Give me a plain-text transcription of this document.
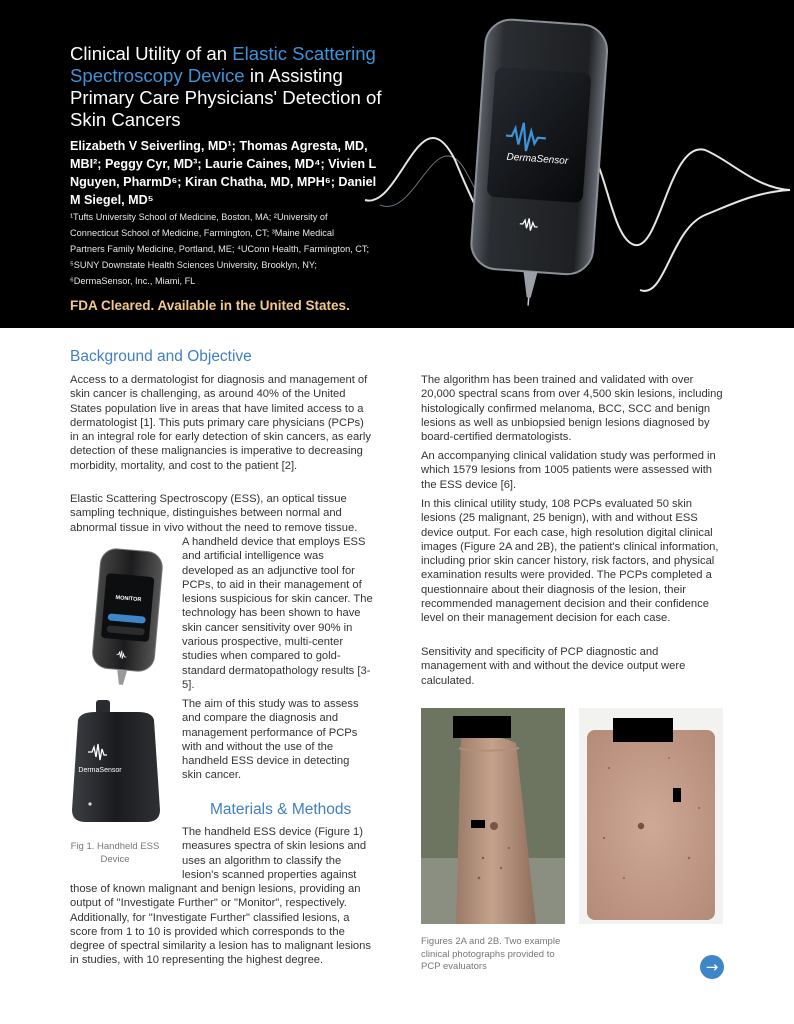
DermaSensor
Clinical Utility of an Elastic Scattering Spectroscopy Device in Assisting Primary Care Physicians' Detection of Skin Cancers

Elizabeth V Seiverling, MD¹; Thomas Agresta, MD, MBI²; Peggy Cyr, MD³; Laurie Caines, MD⁴; Vivien L Nguyen, PharmD⁶; Kiran Chatha, MD, MPH⁶; Daniel M Siegel, MD⁵

¹Tufts University School of Medicine, Boston, MA; ²University of Connecticut School of Medicine, Farmington, CT; ³Maine Medical Partners Family Medicine, Portland, ME; ⁴UConn Health, Farmington, CT; ⁵SUNY Downstate Health Sciences University, Brooklyn, NY; ⁶DermaSensor, Inc., Miami, FL

FDA Cleared. Available in the United States.

Background and Objective

Access to a dermatologist for diagnosis and management of skin cancer is challenging, as around 40% of the United States population live in areas that have limited access to a dermatologist [1]. This puts primary care physicians (PCPs) in an integral role for early detection of skin cancers, as early detection of these malignancies is imperative to decreasing morbidity, mortality, and cost to the patient [2].

Elastic Scattering Spectroscopy (ESS), an optical tissue sampling technique, distinguishes between normal and abnormal tissue in vivo without the need to remove tissue.

A handheld device that employs ESS and artificial intelligence was developed as an adjunctive tool for PCPs, to aid in their management of lesions suspicious for skin cancer. The technology has been shown to have skin cancer sensitivity over 90% in various prospective, multi-center studies when compared to gold-standard dermatopathology results [3-5].

The aim of this study was to assess and compare the diagnosis and management performance of PCPs with and without the use of the handheld ESS device in detecting skin cancer.

MONITOR
DermaSensor

Fig 1. Handheld ESS Device

Materials & Methods

The handheld ESS device (Figure 1) measures spectra of skin lesions and uses an algorithm to classify the lesion's scanned properties against

those of known malignant and benign lesions, providing an output of "Investigate Further" or "Monitor", respectively. Additionally, for "Investigate Further" classified lesions, a score from 1 to 10 is provided which corresponds to the degree of spectral similarity a lesion has to malignant lesions in studies, with 10 representing the highest degree.

The algorithm has been trained and validated with over 20,000 spectral scans from over 4,500 skin lesions, including histologically confirmed melanoma, BCC, SCC and benign lesions as well as unbiopsied benign lesions diagnosed by board-certified dermatologists.

An accompanying clinical validation study was performed in which 1579 lesions from 1005 patients were assessed with the ESS device [6].

In this clinical utility study, 108 PCPs evaluated 50 skin lesions (25 malignant, 25 benign), with and without ESS device output. For each case, high resolution digital clinical images (Figure 2A and 2B), the patient's clinical information, including prior skin cancer history, risk factors, and physical examination results were provided. The PCPs completed a questionnaire about their diagnosis of the lesion, their recommended management decision and their confidence level on their management decision for each case.

Sensitivity and specificity of PCP diagnostic and management with and without the device output were calculated.

Figures 2A and 2B. Two example clinical photographs provided to PCP evaluators	→
